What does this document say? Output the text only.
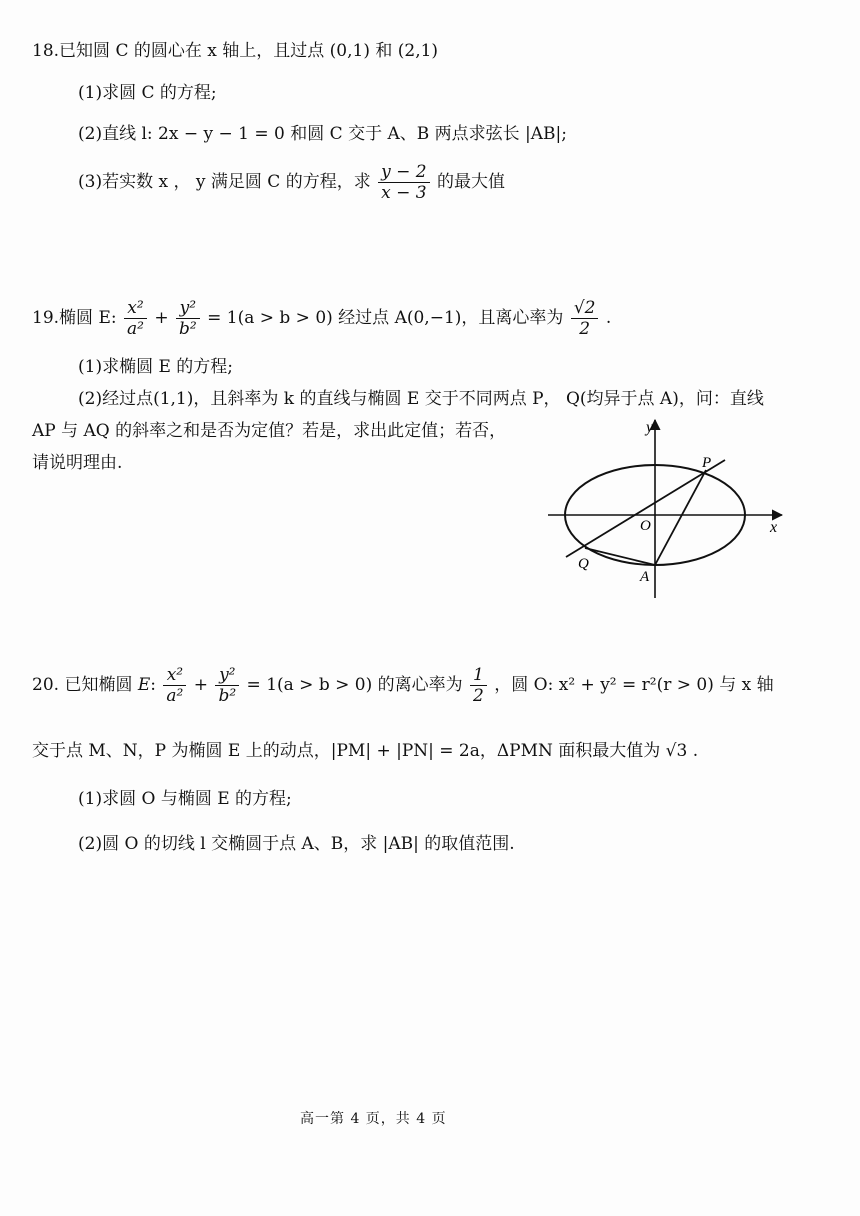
18.已知圆 C 的圆心在 x 轴上，且过点 (0,1) 和 (2,1)
(1)求圆 C 的方程;
(2)直线 l: 2x − y − 1 = 0 和圆 C 交于 A、B 两点求弦长 |AB|;
(3)若实数 x ， y 满足圆 C 的方程，求 $\frac{y - 2}{x - 3}$ 的最大值
19.椭圆 E: $\frac{\text{x²}}{\text{a²}} + \frac{\text{y²}}{\text{b²}} = 1(a > b > 0)$ 经过点 A(0,−1)，且离心率为 $\frac{√2}{2}$ .
(1)求椭圆 E 的方程;
(2)经过点(1,1)，且斜率为 k 的直线与椭圆 E 交于不同两点 P， Q(均异于点 A)，问：直线
AP 与 AQ 的斜率之和是否为定值？若是，求出此定值；若否，
请说明理由.
y
x
O
P
Q
A
20. 已知椭圆 E: $\frac{\text{x²}}{\text{a²}} + \frac{\text{y²}}{\text{b²}} = 1(a > b > 0)$ 的离心率为 $\frac{1}{2}$ ，圆 O: x² + y² = r²(r > 0) 与 x 轴
交于点 M、N，P 为椭圆 E 上的动点，|PM| + |PN| = 2a，ΔPMN 面积最大值为 √3 .
(1)求圆 O 与椭圆 E 的方程;
(2)圆 O 的切线 l 交椭圆于点 A、B，求 |AB| 的取值范围.
高一第 4 页，共 4 页
